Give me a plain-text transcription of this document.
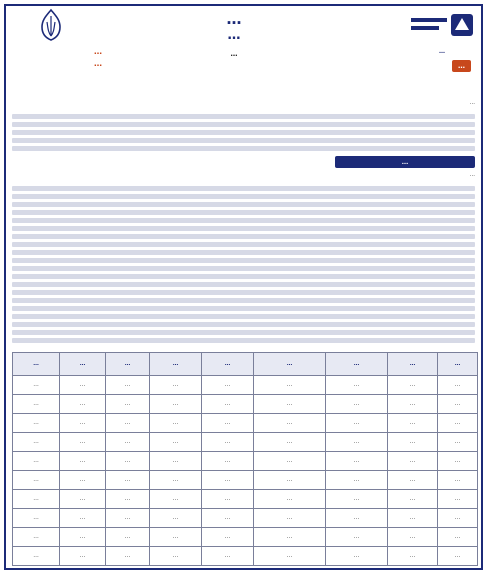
…
…
…
…
…
…
…
…
…
…
…	…	…	…	…	…	…	…	…
…	…	…	…	…	…	…	…	…
…	…	…	…	…	…	…	…	…
…	…	…	…	…	…	…	…	…
…	…	…	…	…	…	…	…	…
…	…	…	…	…	…	…	…	…
…	…	…	…	…	…	…	…	…
…	…	…	…	…	…	…	…	…
…	…	…	…	…	…	…	…	…
…	…	…	…	…	…	…	…	…
…	…	…	…	…	…	…	…	…
